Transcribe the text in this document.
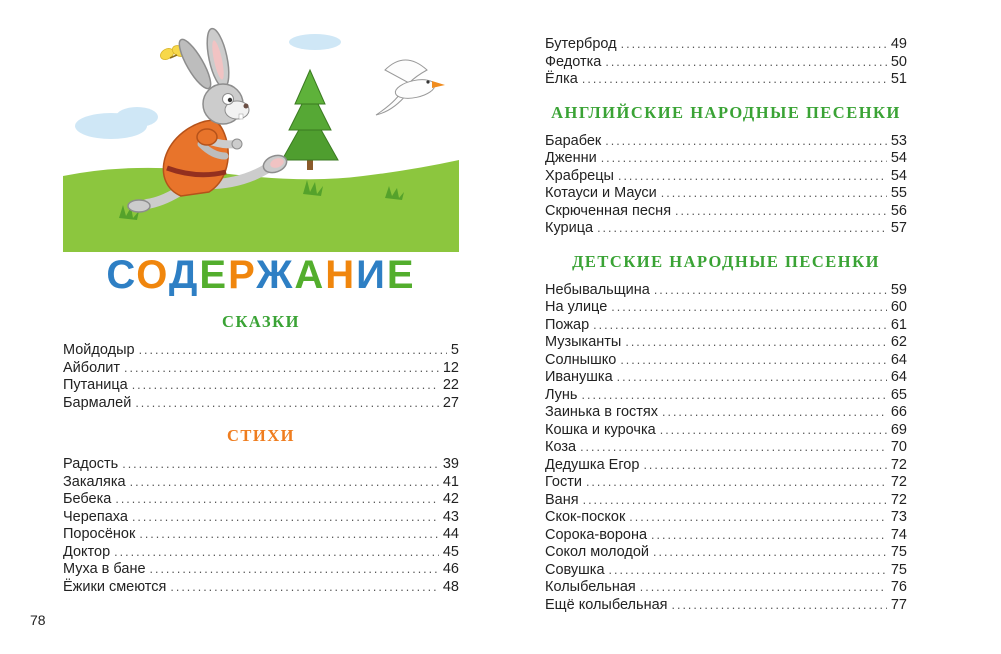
СОДЕРЖАНИЕ
СКАЗКИ
Мойдодыр .....	5
Айболит .....	12
Путаница .....	22
Бармалей .....	27
СТИХИ
Радость .....	39
Закаляка .....	41
Бебека .....	42
Черепаха .....	43
Поросёнок .....	44
Доктор .....	45
Муха в бане .....	46
Ёжики смеются .....	48
Бутерброд .....	49
Федотка .....	50
Ёлка .....	51
АНГЛИЙСКИЕ НАРОДНЫЕ ПЕСЕНКИ
Барабек .....	53
Дженни .....	54
Храбрецы .....	54
Котауси и Мауси .....	55
Скрюченная песня .....	56
Курица .....	57
ДЕТСКИЕ НАРОДНЫЕ ПЕСЕНКИ
Небывальщина .....	59
На улице .....	60
Пожар .....	61
Музыканты .....	62
Солнышко .....	64
Иванушка .....	64
Лунь .....	65
Заинька в гостях .....	66
Кошка и курочка .....	69
Коза .....	70
Дедушка Егор .....	72
Гости .....	72
Ваня .....	72
Скок-поскок .....	73
Сорока-ворона .....	74
Сокол молодой .....	75
Совушка .....	75
Колыбельная .....	76
Ещё колыбельная .....	77
78
